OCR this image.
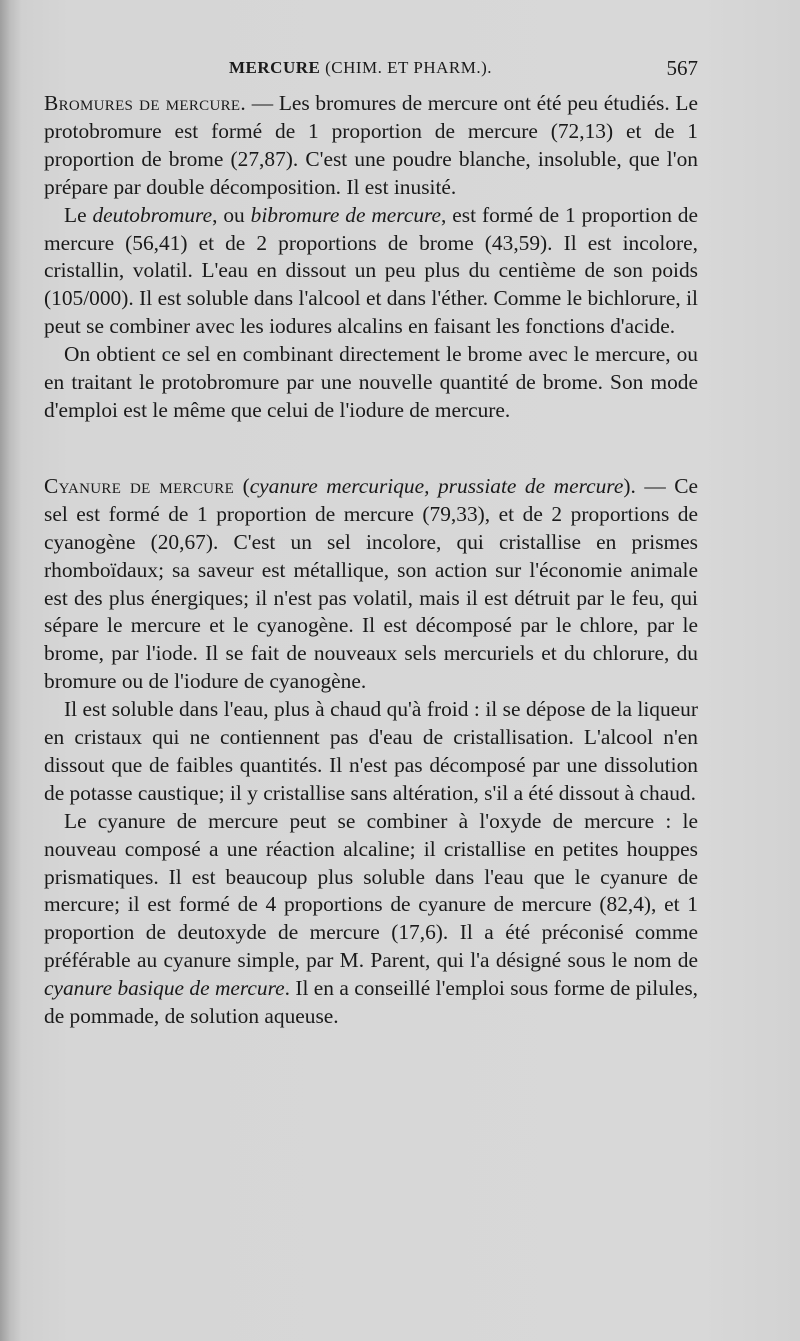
MERCURE (CHIM. ET PHARM.).	567

Bromures de mercure. — Les bromures de mercure ont été peu étudiés. Le protobromure est formé de 1 proportion de mercure (72,13) et de 1 proportion de brome (27,87). C'est une poudre blanche, insoluble, que l'on prépare par double décomposition. Il est inusité.

Le deutobromure, ou bibromure de mercure, est formé de 1 proportion de mercure (56,41) et de 2 proportions de brome (43,59). Il est incolore, cristallin, volatil. L'eau en dissout un peu plus du centième de son poids (105/000). Il est soluble dans l'alcool et dans l'éther. Comme le bichlorure, il peut se combiner avec les iodures alcalins en faisant les fonctions d'acide.

On obtient ce sel en combinant directement le brome avec le mercure, ou en traitant le protobromure par une nouvelle quantité de brome. Son mode d'emploi est le même que celui de l'iodure de mercure.

Cyanure de mercure (cyanure mercurique, prussiate de mercure). — Ce sel est formé de 1 proportion de mercure (79,33), et de 2 proportions de cyanogène (20,67). C'est un sel incolore, qui cristallise en prismes rhomboïdaux; sa saveur est métallique, son action sur l'économie animale est des plus énergiques; il n'est pas volatil, mais il est détruit par le feu, qui sépare le mercure et le cyanogène. Il est décomposé par le chlore, par le brome, par l'iode. Il se fait de nouveaux sels mercuriels et du chlorure, du bromure ou de l'iodure de cyanogène.

Il est soluble dans l'eau, plus à chaud qu'à froid : il se dépose de la liqueur en cristaux qui ne contiennent pas d'eau de cristallisation. L'alcool n'en dissout que de faibles quantités. Il n'est pas décomposé par une dissolution de potasse caustique; il y cristallise sans altération, s'il a été dissout à chaud.

Le cyanure de mercure peut se combiner à l'oxyde de mercure : le nouveau composé a une réaction alcaline; il cristallise en petites houppes prismatiques. Il est beaucoup plus soluble dans l'eau que le cyanure de mercure; il est formé de 4 proportions de cyanure de mercure (82,4), et 1 proportion de deutoxyde de mercure (17,6). Il a été préconisé comme préférable au cyanure simple, par M. Parent, qui l'a désigné sous le nom de cyanure basique de mercure. Il en a conseillé l'emploi sous forme de pilules, de pommade, de solution aqueuse.
